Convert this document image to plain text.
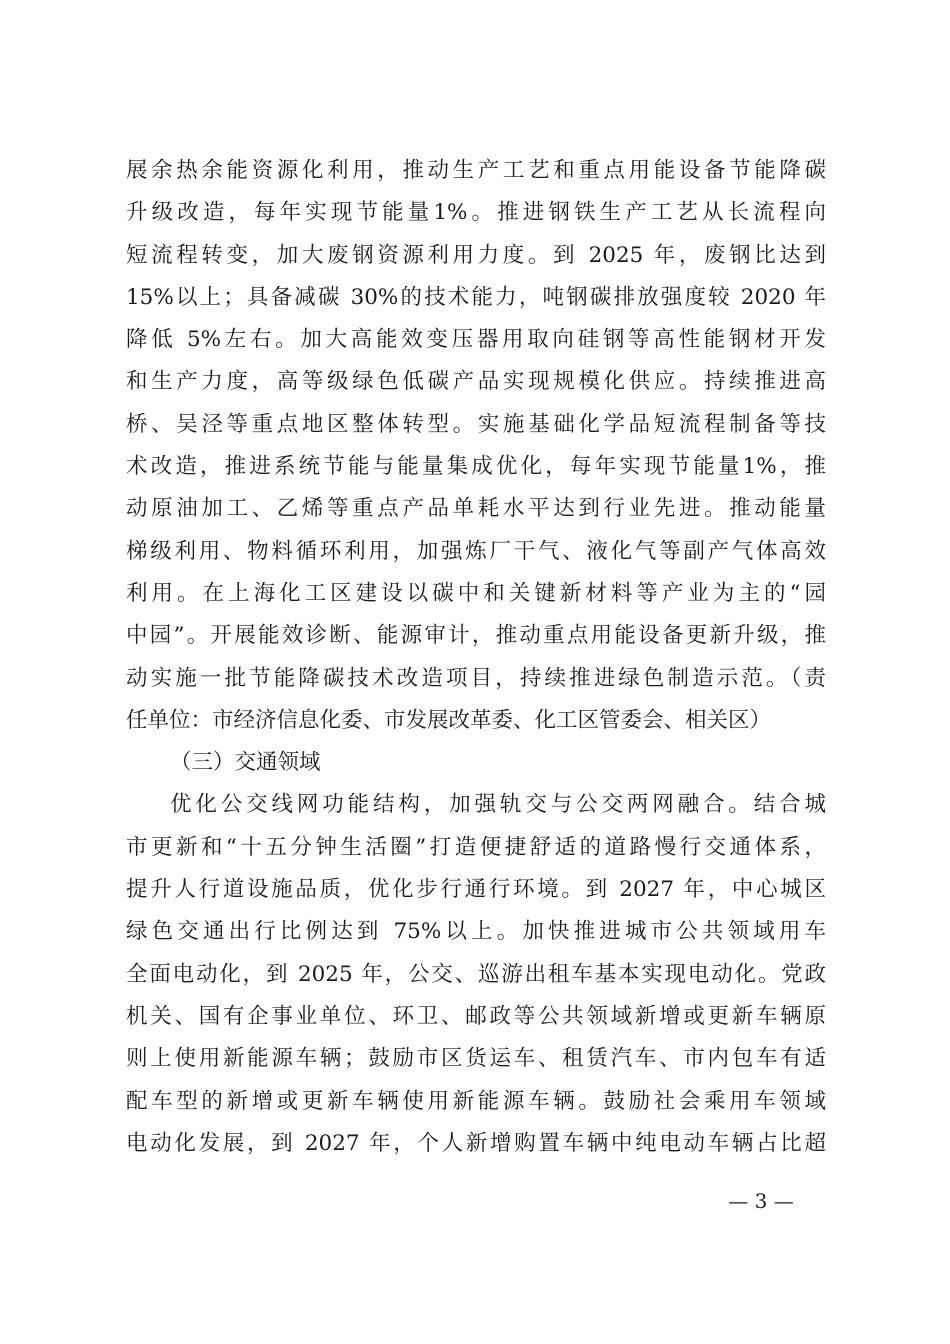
展余热余能资源化利用，推动生产工艺和重点用能设备节能降碳
升级改造，每年实现节能量1%。推进钢铁生产工艺从长流程向
短流程转变，加大废钢资源利用力度。到 2025 年，废钢比达到
15%以上；具备减碳 30%的技术能力，吨钢碳排放强度较 2020 年
降低 5%左右。加大高能效变压器用取向硅钢等高性能钢材开发
和生产力度，高等级绿色低碳产品实现规模化供应。持续推进高
桥、吴泾等重点地区整体转型。实施基础化学品短流程制备等技
术改造，推进系统节能与能量集成优化，每年实现节能量1%，推
动原油加工、乙烯等重点产品单耗水平达到行业先进。推动能量
梯级利用、物料循环利用，加强炼厂干气、液化气等副产气体高效
利用。在上海化工区建设以碳中和关键新材料等产业为主的“园
中园”。开展能效诊断、能源审计，推动重点用能设备更新升级，推
动实施一批节能降碳技术改造项目，持续推进绿色制造示范。（责
任单位：市经济信息化委、市发展改革委、化工区管委会、相关区）
（三）交通领域
优化公交线网功能结构，加强轨交与公交两网融合。结合城
市更新和“十五分钟生活圈”打造便捷舒适的道路慢行交通体系，
提升人行道设施品质，优化步行通行环境。到 2027 年，中心城区
绿色交通出行比例达到 75%以上。加快推进城市公共领域用车
全面电动化，到 2025 年，公交、巡游出租车基本实现电动化。党政
机关、国有企事业单位、环卫、邮政等公共领域新增或更新车辆原
则上使用新能源车辆；鼓励市区货运车、租赁汽车、市内包车有适
配车型的新增或更新车辆使用新能源车辆。鼓励社会乘用车领域
电动化发展，到 2027 年，个人新增购置车辆中纯电动车辆占比超
— 3 —
